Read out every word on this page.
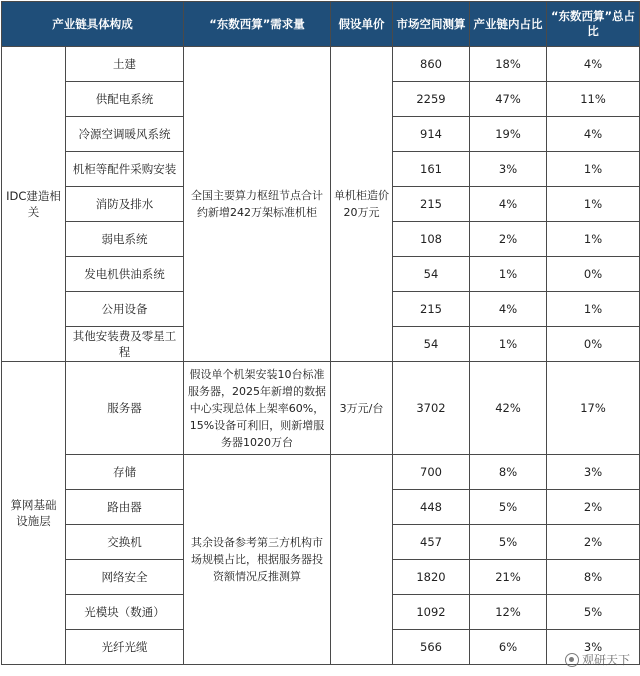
产业链具体构成		“东数西算”需求量	假设单价	市场空间测算	产业链内占比	“东数西算”总占比
IDC建造相关	土建	全国主要算力枢纽节点合计约新增242万架标准机柜	单机柜造价20万元	860	18%	4%
	供配电系统			2259	47%	11%
	冷源空调暖风系统			914	19%	4%
	机柜等配件采购安装			161	3%	1%
	消防及排水			215	4%	1%
	弱电系统			108	2%	1%
	发电机供油系统			54	1%	0%
	公用设备			215	4%	1%
	其他安装费及零星工程			54	1%	0%
算网基础设施层	服务器	假设单个机架安装10台标准服务器，2025年新增的数据中心实现总体上架率60%，15%设备可利旧，则新增服务器1020万台	3万元/台	3702	42%	17%
	存储	其余设备参考第三方机构市场规模占比，根据服务器投资额情况反推测算		700	8%	3%
	路由器			448	5%	2%
	交换机			457	5%	2%
	网络安全			1820	21%	8%
	光模块（数通）			1092	12%	5%
	光纤光缆			566	6%	3%
观研天下
